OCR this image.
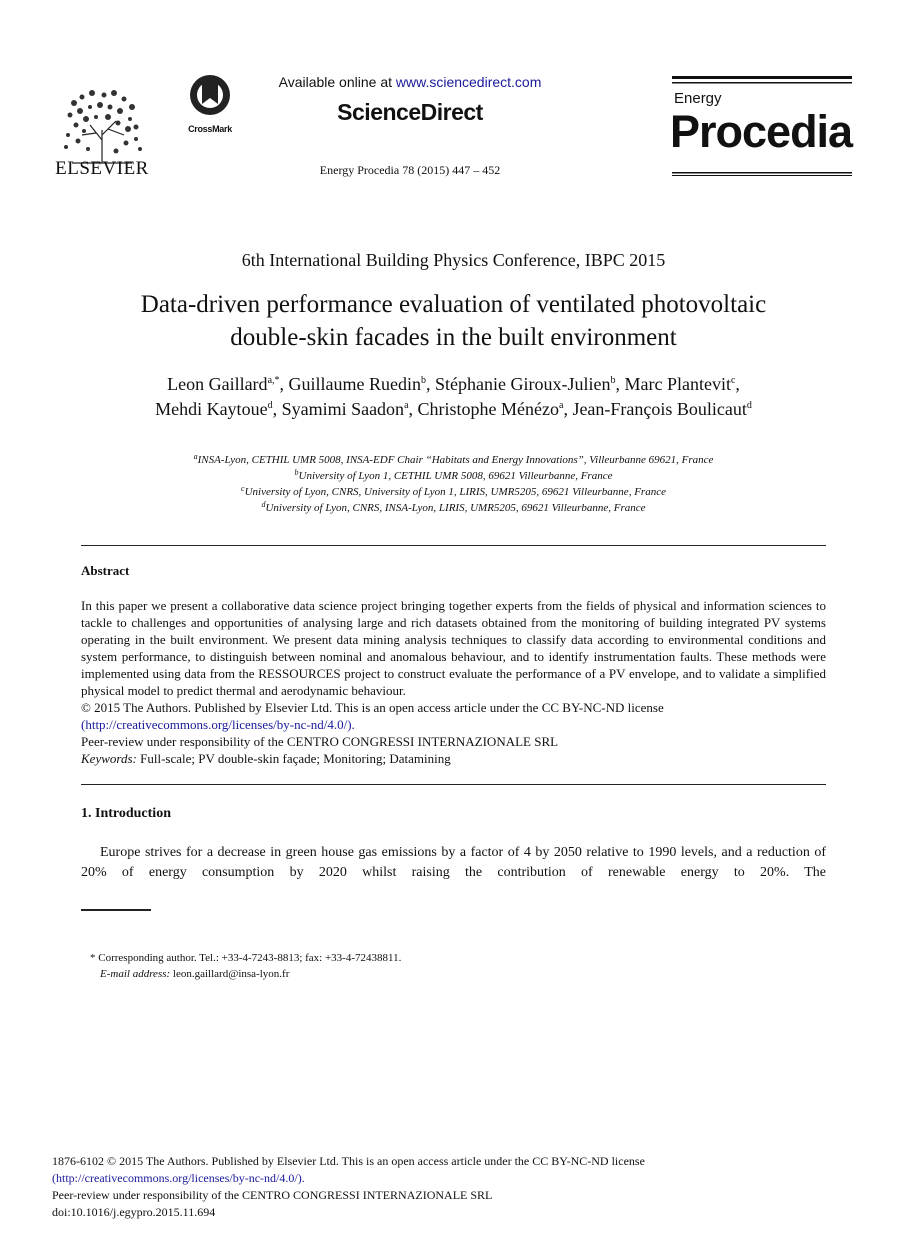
ELSEVIER
CrossMark
Available online at www.sciencedirect.com
ScienceDirect
Energy Procedia 78 (2015) 447 – 452
Energy
Procedia
6th International Building Physics Conference, IBPC 2015
Data-driven performance evaluation of ventilated photovoltaic
double-skin facades in the built environment
Leon Gaillard$^{a,*}$, Guillaume Ruedin$^b$, Stéphanie Giroux-Julien$^b$, Marc Plantevit$^c$,
Mehdi Kaytoue$^d$, Syamimi Saadon$^a$, Christophe Ménézo$^a$, Jean-François Boulicaut$^d$
$^a$INSA-Lyon, CETHIL UMR 5008, INSA-EDF Chair “Habitats and Energy Innovations”, Villeurbanne 69621, France
$^b$University of Lyon 1, CETHIL UMR 5008, 69621 Villeurbanne, France
$^c$University of Lyon, CNRS, University of Lyon 1, LIRIS, UMR5205, 69621 Villeurbanne, France
$^d$University of Lyon, CNRS, INSA-Lyon, LIRIS, UMR5205, 69621 Villeurbanne, France
Abstract

In this paper we present a collaborative data science project bringing together experts from the fields of physical and information sciences to tackle to challenges and opportunities of analysing large and rich datasets obtained from the monitoring of building integrated PV systems operating in the built environment. We present data mining analysis techniques to classify data according to environmental conditions and system performance, to distinguish between nominal and anomalous behaviour, and to identify instrumentation faults. These methods were implemented using data from the RESSOURCES project to construct evaluate the performance of a PV envelope, and to validate a simplified physical model to predict thermal and aerodynamic behaviour.

© 2015 The Authors. Published by Elsevier Ltd. This is an open access article under the CC BY-NC-ND license

(http://creativecommons.org/licenses/by-nc-nd/4.0/).

Peer-review under responsibility of the CENTRO CONGRESSI INTERNAZIONALE SRL

Keywords: Full-scale; PV double-skin façade; Monitoring; Datamining

1. Introduction
Europe strives for a decrease in green house gas emissions by a factor of 4 by 2050 relative to 1990 levels, and a reduction of 20% of energy consumption by 2020 whilst raising the contribution of renewable energy to 20%. The
* Corresponding author. Tel.: +33-4-7243-8813; fax: +33-4-72438811.
E-mail address: leon.gaillard@insa-lyon.fr

1876-6102 © 2015 The Authors. Published by Elsevier Ltd. This is an open access article under the CC BY-NC-ND license

(http://creativecommons.org/licenses/by-nc-nd/4.0/).

Peer-review under responsibility of the CENTRO CONGRESSI INTERNAZIONALE SRL

doi:10.1016/j.egypro.2015.11.694
